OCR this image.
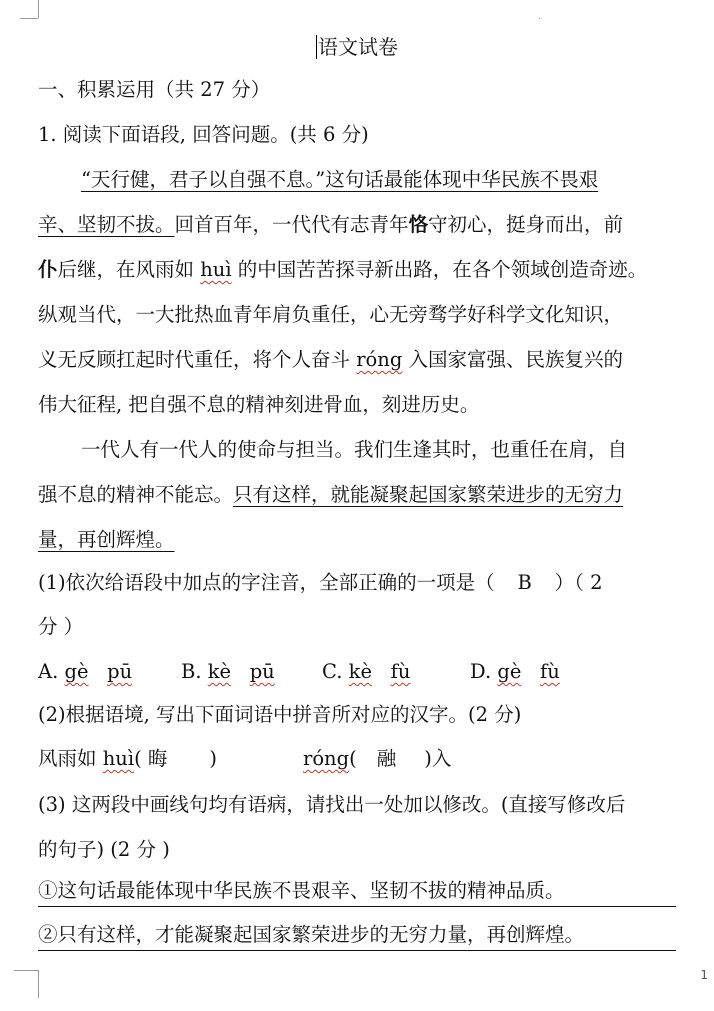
语文试卷
一、积累运用（共 27 分）
1. 阅读下面语段, 回答问题。(共 6 分)
“天行健，君子以自强不息。”这句话最能体现中华民族不畏艰
辛、坚韧不拔。回首百年，一代代有志青年恪守初心，挺身而出，前
仆后继，在风雨如 huì 的中国苦苦探寻新出路，在各个领域创造奇迹。
纵观当代，一大批热血青年肩负重任，心无旁骛学好科学文化知识，
义无反顾扛起时代重任，将个人奋斗 róng 入国家富强、民族复兴的
伟大征程, 把自强不息的精神刻进骨血，刻进历史。
一代人有一代人的使命与担当。我们生逢其时，也重任在肩，自
强不息的精神不能忘。只有这样，就能凝聚起国家繁荣进步的无穷力
量，再创辉煌。
(1)依次给语段中加点的字注音，全部正确的一项是（ B ）（ 2
分 ）
A. gè pū	B. kè pū C. kè fù	D. gè fù
(2)根据语境, 写出下面词语中拼音所对应的汉字。(2 分)
风雨如 huì( 晦 )	róng( 融 )入
(3) 这两段中画线句均有语病，请找出一处加以修改。(直接写修改后
的句子) (2 分 )
①这句话最能体现中华民族不畏艰辛、坚韧不拔的精神品质。
②只有这样，才能凝聚起国家繁荣进步的无穷力量，再创辉煌。
1
